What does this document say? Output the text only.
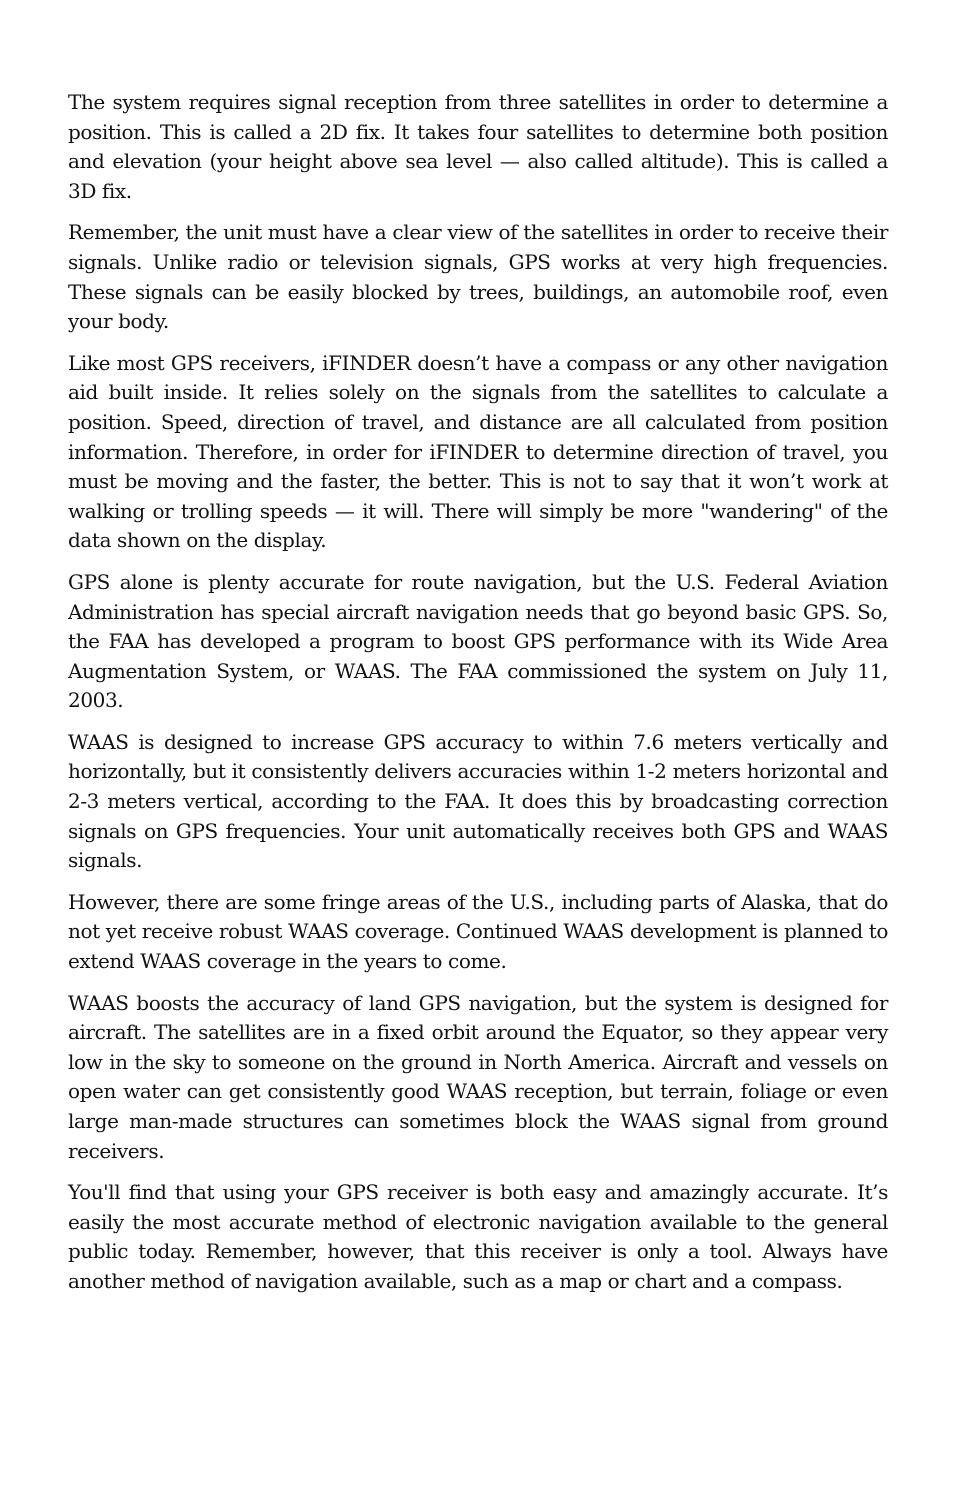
The system requires signal reception from three satellites in order to determine a position. This is called a 2D fix. It takes four satellites to determine both position and elevation (your height above sea level — also called altitude). This is called a 3D fix.

Remember, the unit must have a clear view of the satellites in order to receive their signals. Unlike radio or television signals, GPS works at very high frequencies. These signals can be easily blocked by trees, buildings, an automobile roof, even your body.

Like most GPS receivers, iFINDER doesn’t have a compass or any other navigation aid built inside. It relies solely on the signals from the satellites to calculate a position. Speed, direction of travel, and distance are all calculated from position information. Therefore, in order for iFINDER to determine direction of travel, you must be moving and the faster, the better. This is not to say that it won’t work at walking or trolling speeds — it will. There will simply be more "wandering" of the data shown on the display.

GPS alone is plenty accurate for route navigation, but the U.S. Federal Aviation Administration has special aircraft navigation needs that go beyond basic GPS. So, the FAA has developed a program to boost GPS performance with its Wide Area Augmentation System, or WAAS. The FAA commissioned the system on July 11, 2003.

WAAS is designed to increase GPS accuracy to within 7.6 meters vertically and horizontally, but it consistently delivers accuracies within 1-2 meters horizontal and 2-3 meters vertical, according to the FAA. It does this by broadcasting correction signals on GPS frequencies. Your unit automatically receives both GPS and WAAS signals.

However, there are some fringe areas of the U.S., including parts of Alaska, that do not yet receive robust WAAS coverage. Continued WAAS development is planned to extend WAAS coverage in the years to come.

WAAS boosts the accuracy of land GPS navigation, but the system is designed for aircraft. The satellites are in a fixed orbit around the Equator, so they appear very low in the sky to someone on the ground in North America. Aircraft and vessels on open water can get consistently good WAAS reception, but terrain, foliage or even large man-made structures can sometimes block the WAAS signal from ground receivers.

You'll find that using your GPS receiver is both easy and amazingly accurate. It’s easily the most accurate method of electronic navigation available to the general public today. Remember, however, that this receiver is only a tool. Always have another method of navigation available, such as a map or chart and a compass.
